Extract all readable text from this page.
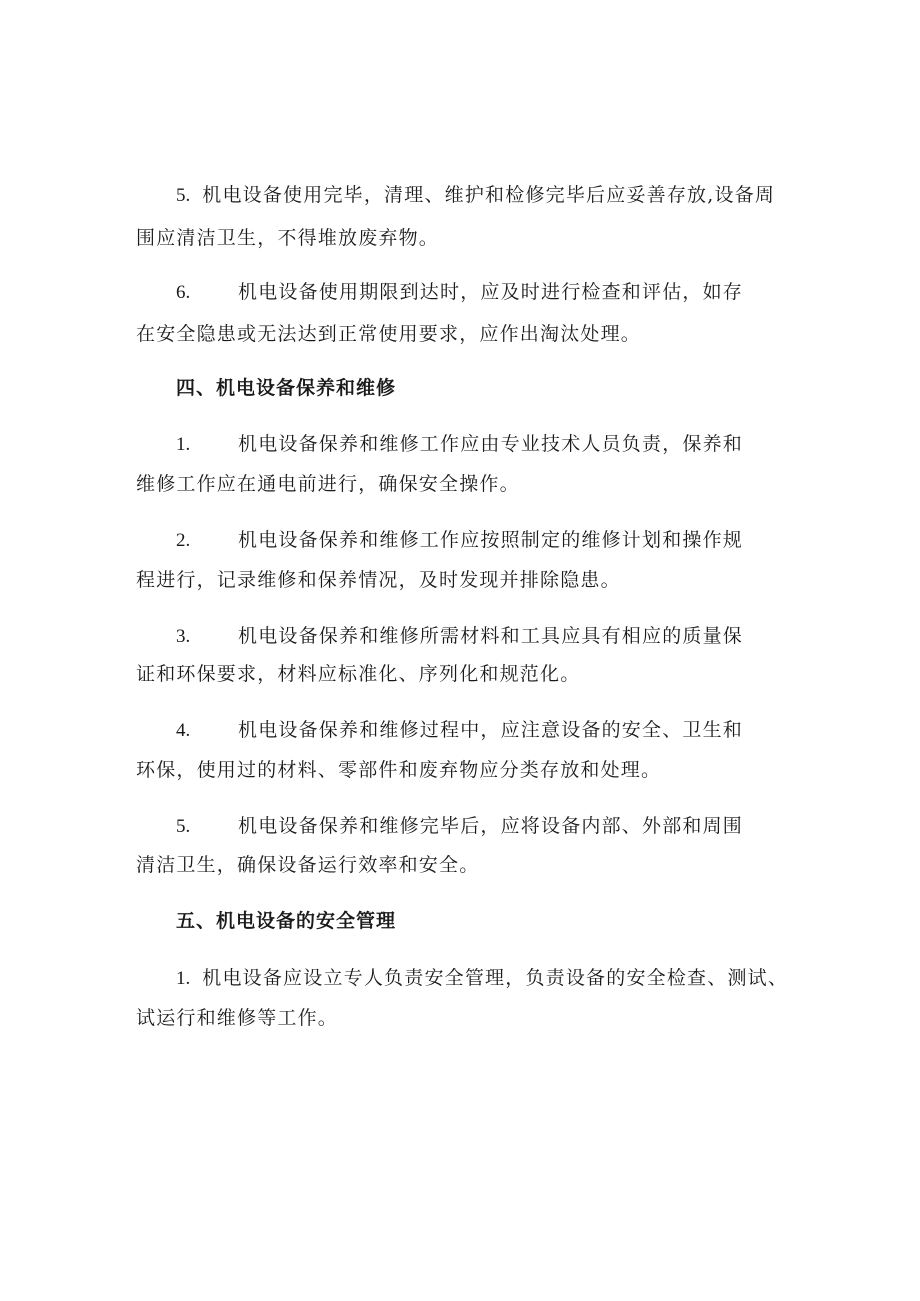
5. 机电设备使用完毕，清理、维护和检修完毕后应妥善存放,设备周
围应清洁卫生，不得堆放废弃物。
6.	机电设备使用期限到达时，应及时进行检查和评估，如存
在安全隐患或无法达到正常使用要求，应作出淘汰处理。
四、机电设备保养和维修
1.	机电设备保养和维修工作应由专业技术人员负责，保养和
维修工作应在通电前进行，确保安全操作。
2.	机电设备保养和维修工作应按照制定的维修计划和操作规
程进行，记录维修和保养情况，及时发现并排除隐患。
3.	机电设备保养和维修所需材料和工具应具有相应的质量保
证和环保要求，材料应标准化、序列化和规范化。
4.	机电设备保养和维修过程中，应注意设备的安全、卫生和
环保，使用过的材料、零部件和废弃物应分类存放和处理。
5.	机电设备保养和维修完毕后，应将设备内部、外部和周围
清洁卫生，确保设备运行效率和安全。
五、机电设备的安全管理
1. 机电设备应设立专人负责安全管理，负责设备的安全检查、测试、
试运行和维修等工作。
